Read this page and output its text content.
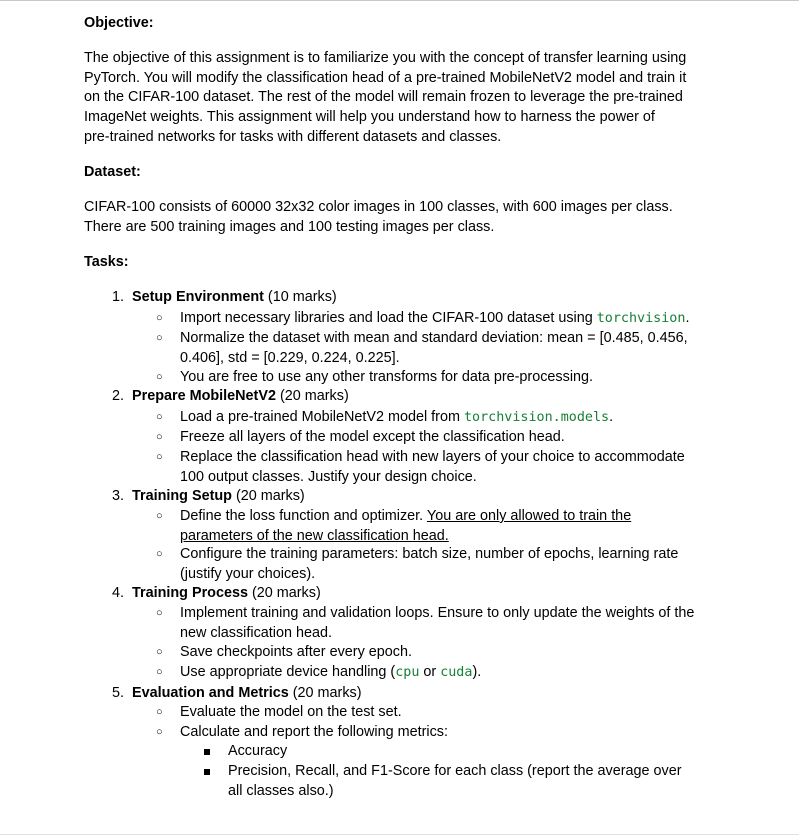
Objective:
The objective of this assignment is to familiarize you with the concept of transfer learning using
PyTorch. You will modify the classification head of a pre-trained MobileNetV2 model and train it
on the CIFAR-100 dataset. The rest of the model will remain frozen to leverage the pre-trained
ImageNet weights. This assignment will help you understand how to harness the power of
pre-trained networks for tasks with different datasets and classes.
Dataset:
CIFAR-100 consists of 60000 32x32 color images in 100 classes, with 600 images per class.
There are 500 training images and 100 testing images per class.
Tasks:
1. Setup Environment (10 marks)
○ Import necessary libraries and load the CIFAR-100 dataset using torchvision.
○ Normalize the dataset with mean and standard deviation: mean = [0.485, 0.456,
0.406], std = [0.229, 0.224, 0.225].
○ You are free to use any other transforms for data pre-processing.
2. Prepare MobileNetV2 (20 marks)
○ Load a pre-trained MobileNetV2 model from torchvision.models.
○ Freeze all layers of the model except the classification head.
○ Replace the classification head with new layers of your choice to accommodate
100 output classes. Justify your design choice.
3. Training Setup (20 marks)
○ Define the loss function and optimizer. You are only allowed to train the
parameters of the new classification head.
○ Configure the training parameters: batch size, number of epochs, learning rate
(justify your choices).
4. Training Process (20 marks)
○ Implement training and validation loops. Ensure to only update the weights of the
new classification head.
○ Save checkpoints after every epoch.
○ Use appropriate device handling (cpu or cuda).
5. Evaluation and Metrics (20 marks)
○ Evaluate the model on the test set.
○ Calculate and report the following metrics:
Accuracy
Precision, Recall, and F1-Score for each class (report the average over
all classes also.)
